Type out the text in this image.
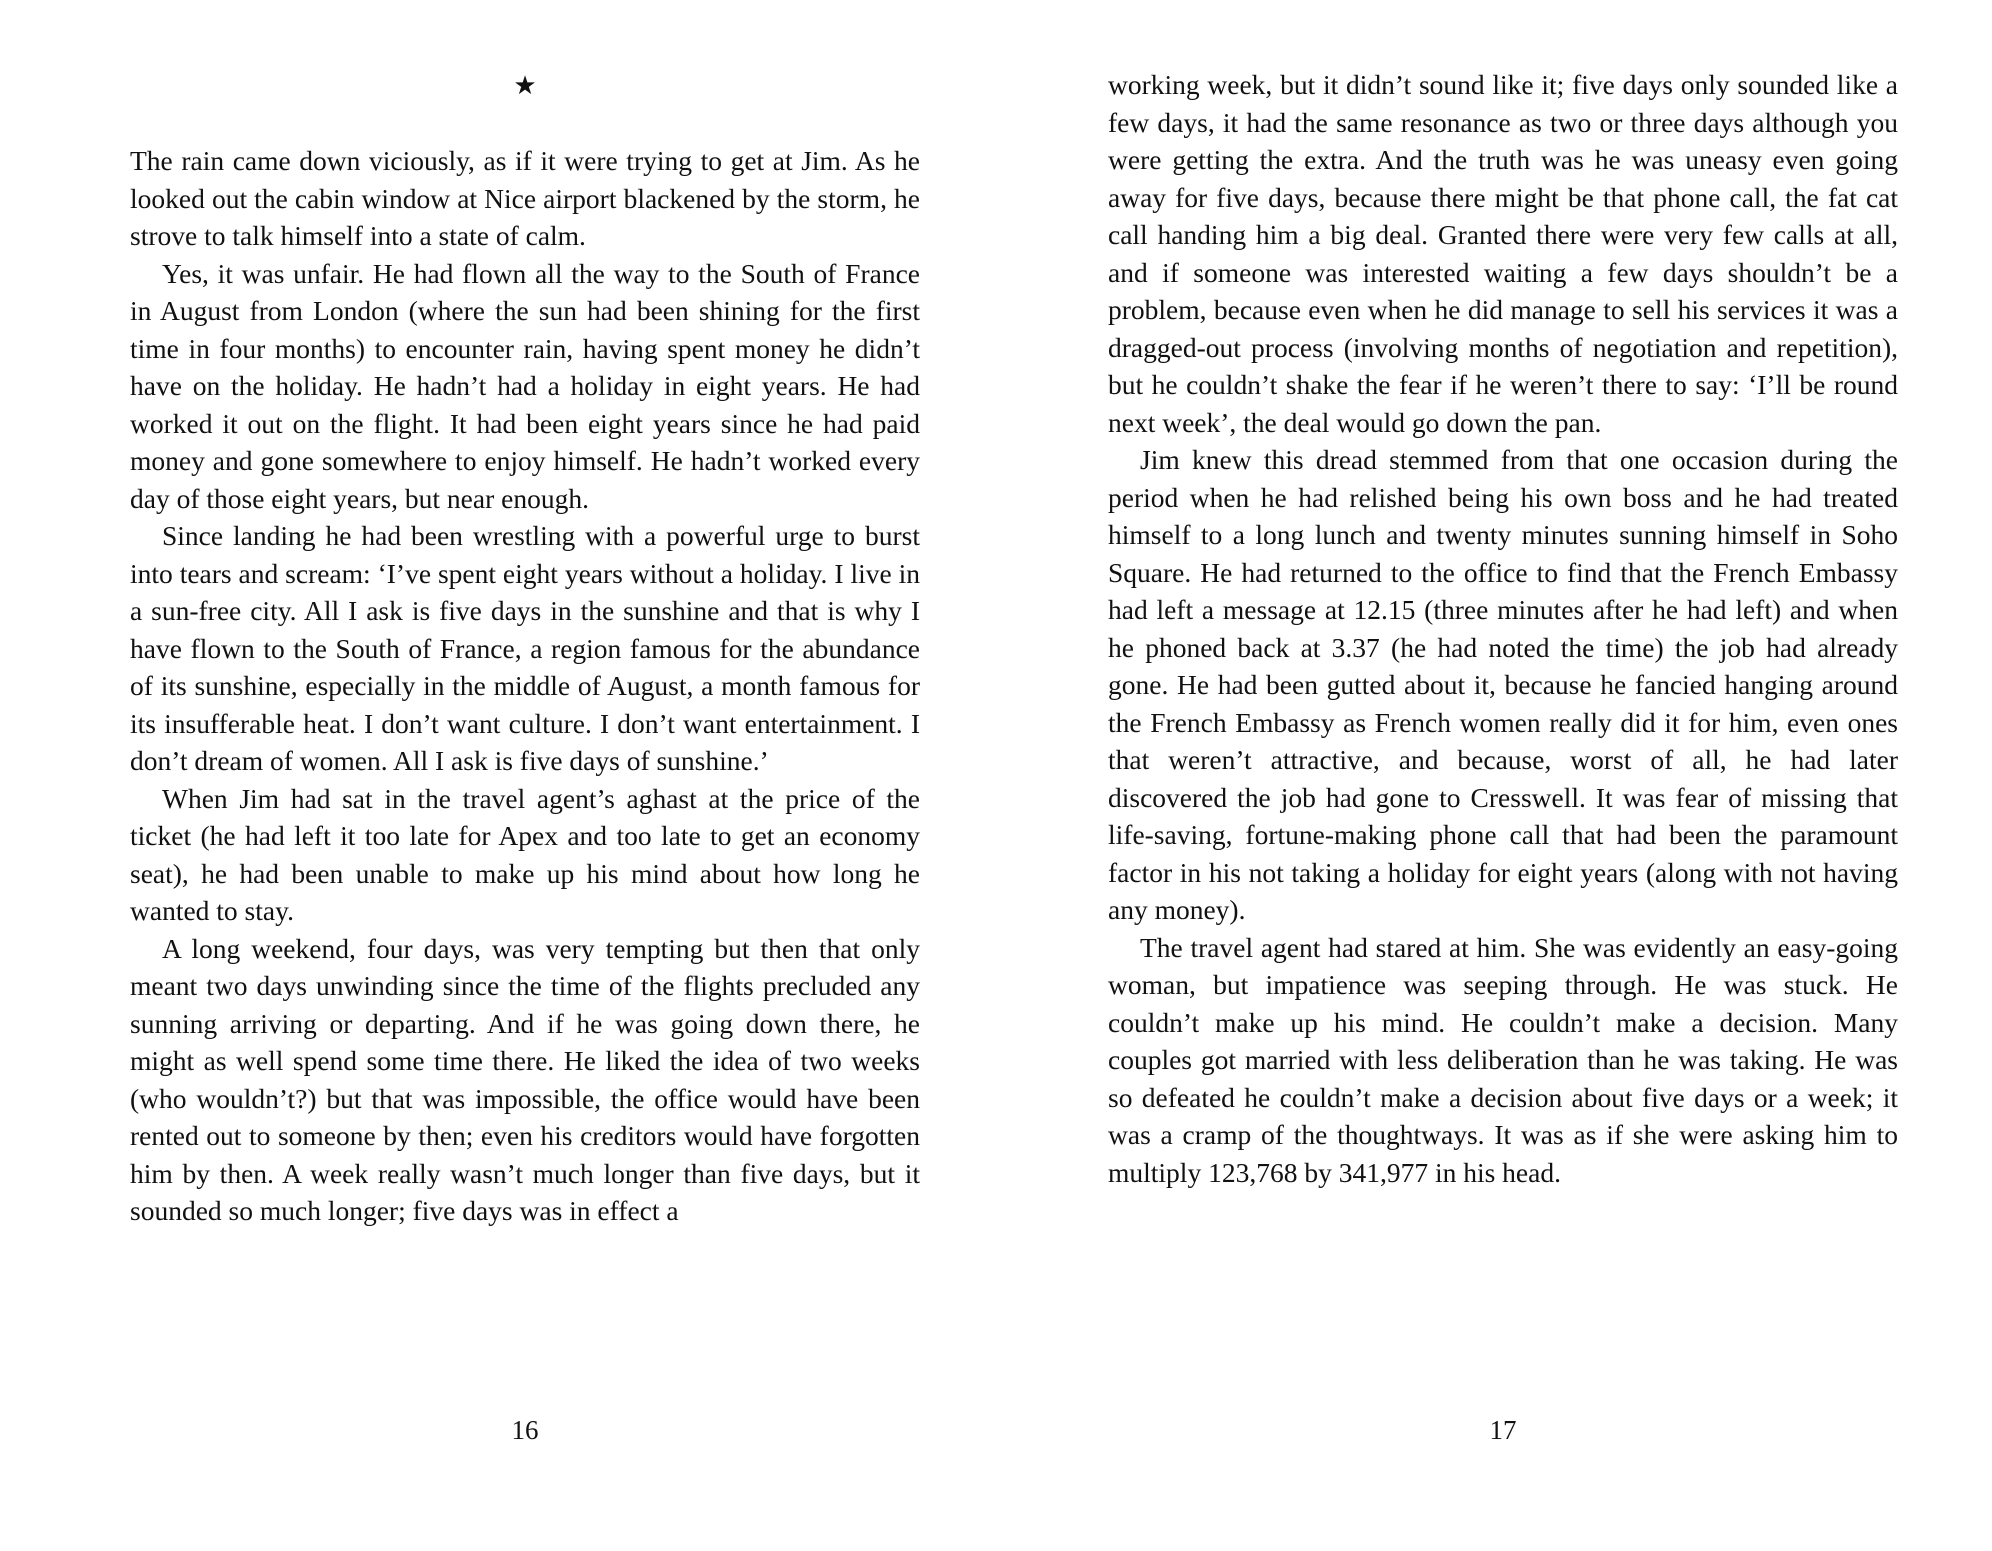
★

The rain came down viciously, as if it were trying to get at Jim. As he looked out the cabin window at Nice airport blackened by the storm, he strove to talk himself into a state of calm.

Yes, it was unfair. He had flown all the way to the South of France in August from London (where the sun had been shining for the first time in four months) to encounter rain, having spent money he didn’t have on the holiday. He hadn’t had a holiday in eight years. He had worked it out on the flight. It had been eight years since he had paid money and gone somewhere to enjoy himself. He hadn’t worked every day of those eight years, but near enough.

Since landing he had been wrestling with a powerful urge to burst into tears and scream: ‘I’ve spent eight years without a holiday. I live in a sun-free city. All I ask is five days in the sunshine and that is why I have flown to the South of France, a region famous for the abundance of its sunshine, especially in the middle of August, a month famous for its insufferable heat. I don’t want culture. I don’t want entertainment. I don’t dream of women. All I ask is five days of sunshine.’

When Jim had sat in the travel agent’s aghast at the price of the ticket (he had left it too late for Apex and too late to get an economy seat), he had been unable to make up his mind about how long he wanted to stay.

A long weekend, four days, was very tempting but then that only meant two days unwinding since the time of the flights precluded any sunning arriving or departing. And if he was going down there, he might as well spend some time there. He liked the idea of two weeks (who wouldn’t?) but that was impossible, the office would have been rented out to someone by then; even his creditors would have forgotten him by then. A week really wasn’t much longer than five days, but it sounded so much longer; five days was in effect a

16

working week, but it didn’t sound like it; five days only sounded like a few days, it had the same resonance as two or three days although you were getting the extra. And the truth was he was uneasy even going away for five days, because there might be that phone call, the fat cat call handing him a big deal. Granted there were very few calls at all, and if someone was interested waiting a few days shouldn’t be a problem, because even when he did manage to sell his services it was a dragged-out process (involving months of negotiation and repetition), but he couldn’t shake the fear if he weren’t there to say: ‘I’ll be round next week’, the deal would go down the pan.

Jim knew this dread stemmed from that one occasion during the period when he had relished being his own boss and he had treated himself to a long lunch and twenty minutes sunning himself in Soho Square. He had returned to the office to find that the French Embassy had left a message at 12.15 (three minutes after he had left) and when he phoned back at 3.37 (he had noted the time) the job had already gone. He had been gutted about it, because he fancied hanging around the French Embassy as French women really did it for him, even ones that weren’t attractive, and because, worst of all, he had later discovered the job had gone to Cresswell. It was fear of missing that life-saving, fortune-making phone call that had been the paramount factor in his not taking a holiday for eight years (along with not having any money).

The travel agent had stared at him. She was evidently an easy-going woman, but impatience was seeping through. He was stuck. He couldn’t make up his mind. He couldn’t make a decision. Many couples got married with less deliberation than he was taking. He was so defeated he couldn’t make a decision about five days or a week; it was a cramp of the thoughtways. It was as if she were asking him to multiply 123,768 by 341,977 in his head.

17
